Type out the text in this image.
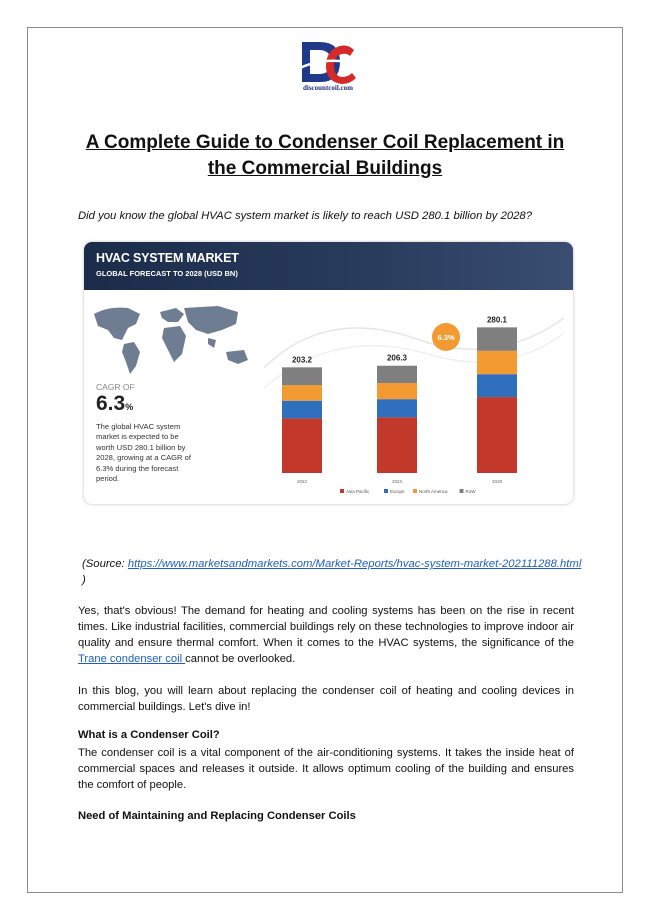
discountcoil.com
A Complete Guide to Condenser Coil Replacement in the Commercial Buildings
Did you know the global HVAC system market is likely to reach USD 280.1 billion by 2028?
HVAC SYSTEM MARKET
GLOBAL FORECAST TO 2028 (USD BN)
CAGR OF
6.3%
The global HVAC system market is expected to be worth USD 280.1 billion by 2028, growing at a CAGR of 6.3% during the forecast period.
203.2
2022
206.3
2023
280.1
2028
6.3%
Asia Pacific	Europe	North America	RoW
(Source: https://www.marketsandmarkets.com/Market-Reports/hvac-system-market-202111288.html )
Yes, that's obvious! The demand for heating and cooling systems has been on the rise in recent times. Like industrial facilities, commercial buildings rely on these technologies to improve indoor air quality and ensure thermal comfort. When it comes to the HVAC systems, the significance of the Trane condenser coil cannot be overlooked.
In this blog, you will learn about replacing the condenser coil of heating and cooling devices in commercial buildings. Let's dive in!
What is a Condenser Coil?
The condenser coil is a vital component of the air-conditioning systems. It takes the inside heat of commercial spaces and releases it outside. It allows optimum cooling of the building and ensures the comfort of people.
Need of Maintaining and Replacing Condenser Coils
